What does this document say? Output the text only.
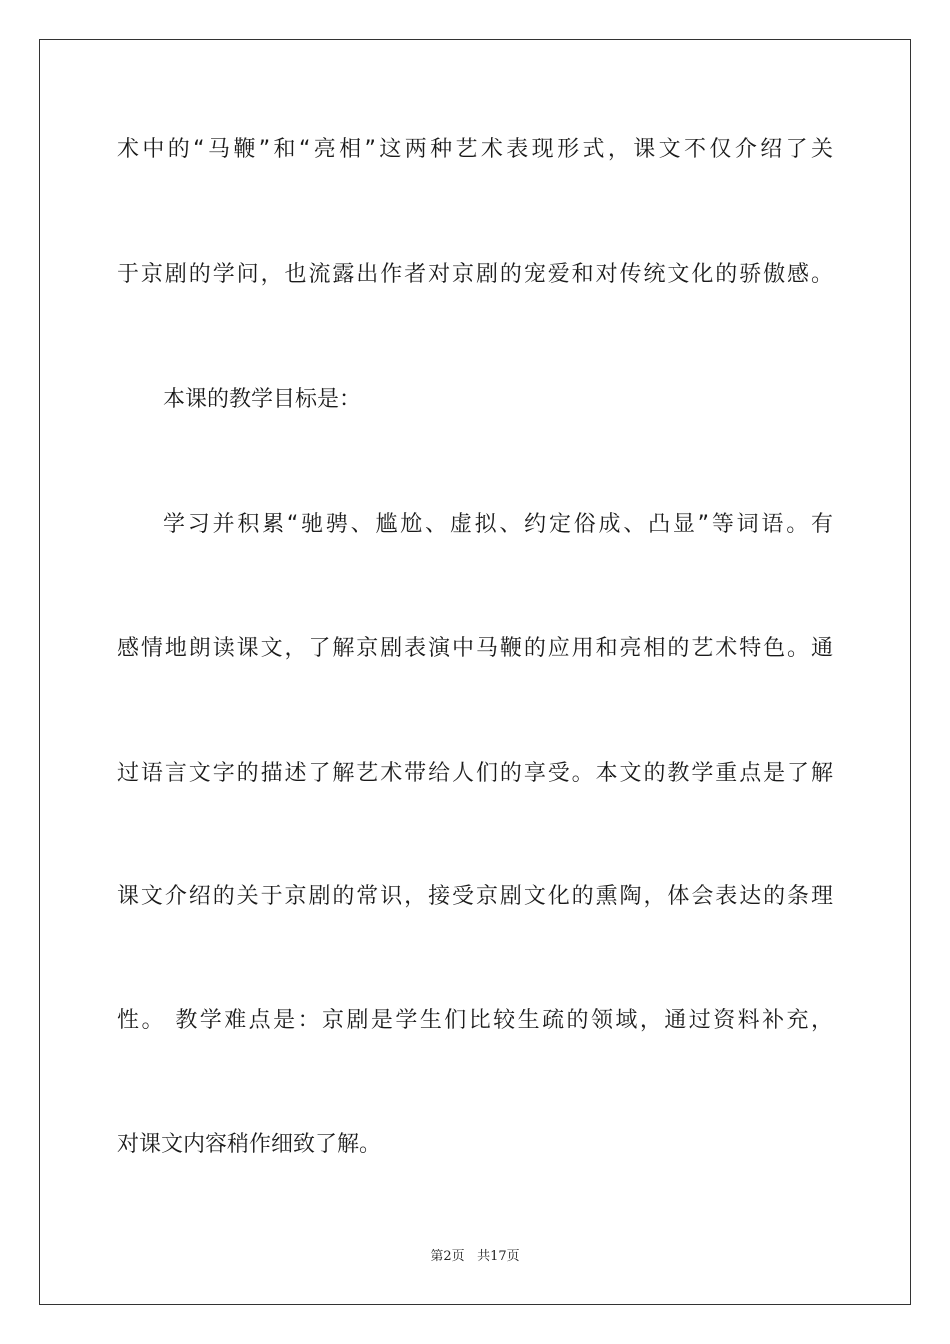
术中的“马鞭”和“亮相”这两种艺术表现形式，课文不仅介绍了关
于京剧的学问，也流露出作者对京剧的宠爱和对传统文化的骄傲感。
本课的教学目标是：
学习并积累“驰骋、尴尬、虚拟、约定俗成、凸显”等词语。有
感情地朗读课文，了解京剧表演中马鞭的应用和亮相的艺术特色。通
过语言文字的描述了解艺术带给人们的享受。本文的教学重点是了解
课文介绍的关于京剧的常识，接受京剧文化的熏陶，体会表达的条理
性。 教学难点是：京剧是学生们比较生疏的领域，通过资料补充，
对课文内容稍作细致了解。
第2页 共17页
